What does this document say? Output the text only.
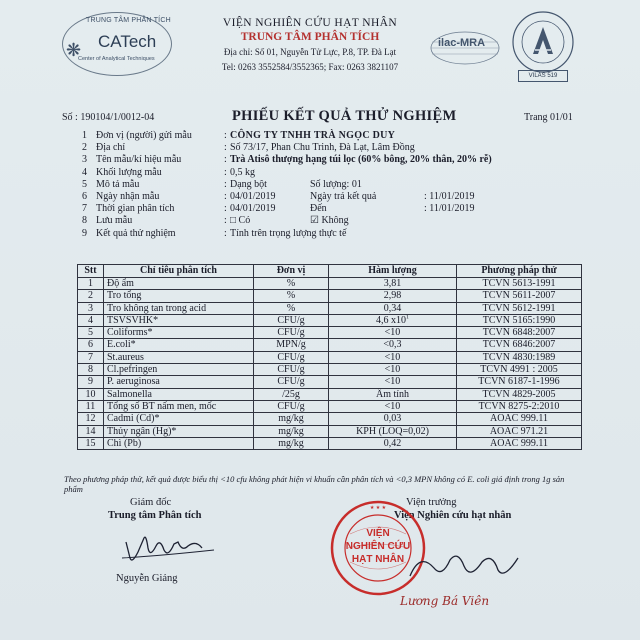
TRUNG TÂM PHÂN TÍCH
❋ CATech
Center of Analytical Techniques
VIỆN NGHIÊN CỨU HẠT NHÂN
TRUNG TÂM PHÂN TÍCH
Địa chỉ: Số 01, Nguyễn Tử Lực, P.8, TP. Đà Lạt
Tel: 0263 3552584/3552365; Fax: 0263 3821107
ilac-MRA
VILAS 519
Số : 190104/1/0012-04	PHIẾU KẾT QUẢ THỬ NGHIỆM	Trang 01/01
1 Đơn vị (người) gửi mẫu	: CÔNG TY TNHH TRÀ NGỌC DUY
2 Địa chỉ	: Số 73/17, Phan Chu Trinh, Đà Lạt, Lâm Đồng
3 Tên mẫu/kí hiệu mẫu	: Trà Atisô thượng hạng túi lọc (60% bông, 20% thân, 20% rễ)
4 Khối lượng mẫu	: 0,5 kg
5 Mô tả mẫu	: Dạng bột	Số lượng: 01
6 Ngày nhận mẫu	: 04/01/2019	Ngày trả kết quả	: 11/01/2019
7 Thời gian phân tích	: 04/01/2019	Đến	: 11/01/2019
8 Lưu mẫu	: □ Có	☑ Không
9 Kết quả thử nghiệm	: Tính trên trọng lượng thực tế
Stt	Chỉ tiêu phân tích	Đơn vị	Hàm lượng	Phương pháp thử
1	Độ ẩm	%	3,81	TCVN 5613-1991
2	Tro tổng	%	2,98	TCVN 5611-2007
3	Tro không tan trong acid	%	0,34	TCVN 5612-1991
4	TSVSVHK*	CFU/g	4,6 $x10^1$	TCVN 5165:1990
5	Coliforms*	CFU/g	<10	TCVN 6848:2007
6	E.coli*	MPN/g	<0,3	TCVN 6846:2007
7	St.aureus	CFU/g	<10	TCVN 4830:1989
8	Cl.pefringen	CFU/g	<10	TCVN 4991 : 2005
9	P. aeruginosa	CFU/g	<10	TCVN 6187-1-1996
10	Salmonella	/25g	Âm tính	TCVN 4829-2005
11	Tổng số BT nấm men, mốc	CFU/g	<10	TCVN 8275-2:2010
12	Cadmi (Cd)*	mg/kg	0,03	AOAC 999.11
14	Thủy ngân (Hg)*	mg/kg	KPH (LOQ=0,02)	AOAC 971.21
15	Chì (Pb)	mg/kg	0,42	AOAC 999.11
Theo phương pháp thử, kết quả được biểu thị <10 cfu không phát hiện vi khuẩn cần phân tích và <0,3 MPN không có E. coli giá định trong 1g sản phẩm
Giám đốc
Trung tâm Phân tích
Nguyễn Giảng
Viện trưởng
Viện Nghiên cứu hạt nhân
★ ★ ★
VIỆN
NGHIÊN CỨU
HẠT NHÂN
Lương Bá Viên
